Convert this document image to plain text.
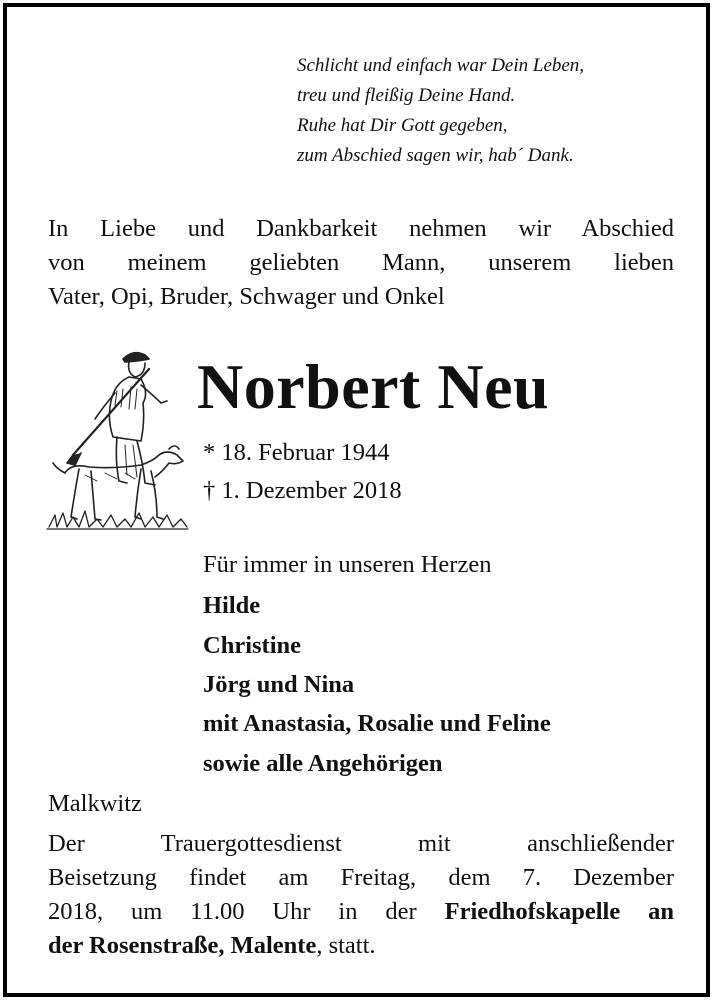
Schlicht und einfach war Dein Leben,
treu und fleißig Deine Hand.
Ruhe hat Dir Gott gegeben,
zum Abschied sagen wir, hab´ Dank.
In Liebe und Dankbarkeit nehmen wir Abschied
von meinem geliebten Mann, unserem lieben
Vater, Opi, Bruder, Schwager und Onkel
Norbert Neu
* 18. Februar 1944
† 1. Dezember 2018
Für immer in unseren Herzen
Hilde
Christine
Jörg und Nina
mit Anastasia, Rosalie und Feline
sowie alle Angehörigen
Malkwitz
Der Trauergottesdienst mit anschließender
Beisetzung findet am Freitag, dem 7. Dezember
2018, um 11.00 Uhr in der Friedhofskapelle an
der Rosenstraße, Malente, statt.
